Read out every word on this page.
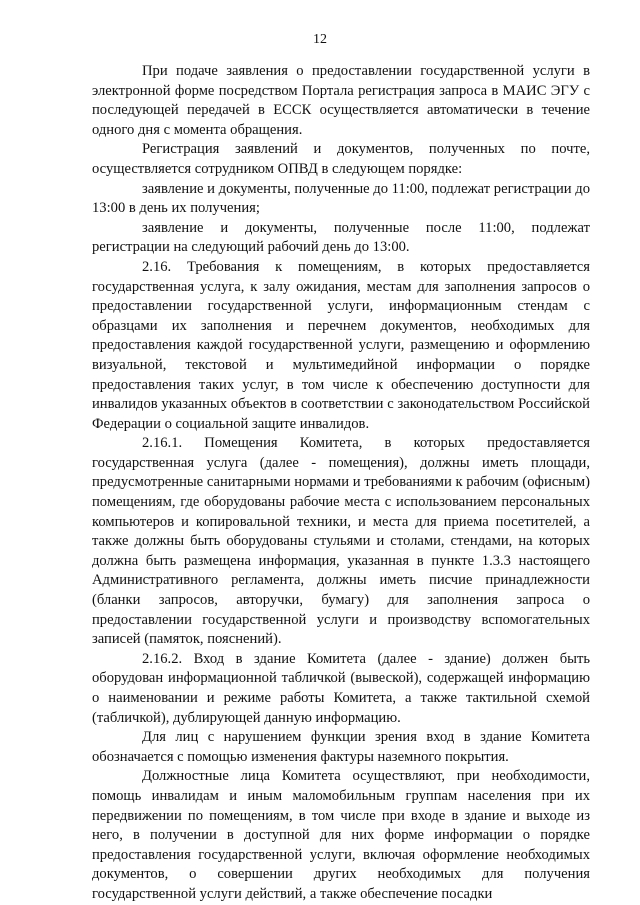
12

При подаче заявления о предоставлении государственной услуги в электронной форме посредством Портала регистрация запроса в МАИС ЭГУ с последующей передачей в ЕССК осуществляется автоматически в течение одного дня с момента обращения.

Регистрация заявлений и документов, полученных по почте, осуществляется сотрудником ОПВД в следующем порядке:

заявление и документы, полученные до 11:00, подлежат регистрации до 13:00 в день их получения;

заявление и документы, полученные после 11:00, подлежат регистрации на следующий рабочий день до 13:00.

2.16. Требования к помещениям, в которых предоставляется государственная услуга, к залу ожидания, местам для заполнения запросов о предоставлении государственной услуги, информационным стендам с образцами их заполнения и перечнем документов, необходимых для предоставления каждой государственной услуги, размещению и оформлению визуальной, текстовой и мультимедийной информации о порядке предоставления таких услуг, в том числе к обеспечению доступности для инвалидов указанных объектов в соответствии с законодательством Российской Федерации о социальной защите инвалидов.

2.16.1. Помещения Комитета, в которых предоставляется государственная услуга (далее - помещения), должны иметь площади, предусмотренные санитарными нормами и требованиями к рабочим (офисным) помещениям, где оборудованы рабочие места с использованием персональных компьютеров и копировальной техники, и места для приема посетителей, а также должны быть оборудованы стульями и столами, стендами, на которых должна быть размещена информация, указанная в пункте 1.3.3 настоящего Административного регламента, должны иметь писчие принадлежности (бланки запросов, авторучки, бумагу) для заполнения запроса о предоставлении государственной услуги и производству вспомогательных записей (памяток, пояснений).

2.16.2. Вход в здание Комитета (далее - здание) должен быть оборудован информационной табличкой (вывеской), содержащей информацию о наименовании и режиме работы Комитета, а также тактильной схемой (табличкой), дублирующей данную информацию.

Для лиц с нарушением функции зрения вход в здание Комитета обозначается с помощью изменения фактуры наземного покрытия.

Должностные лица Комитета осуществляют, при необходимости, помощь инвалидам и иным маломобильным группам населения при их передвижении по помещениям, в том числе при входе в здание и выходе из него, в получении в доступной для них форме информации о порядке предоставления государственной услуги, включая оформление необходимых документов, о совершении других необходимых для получения государственной услуги действий, а также обеспечение посадки
